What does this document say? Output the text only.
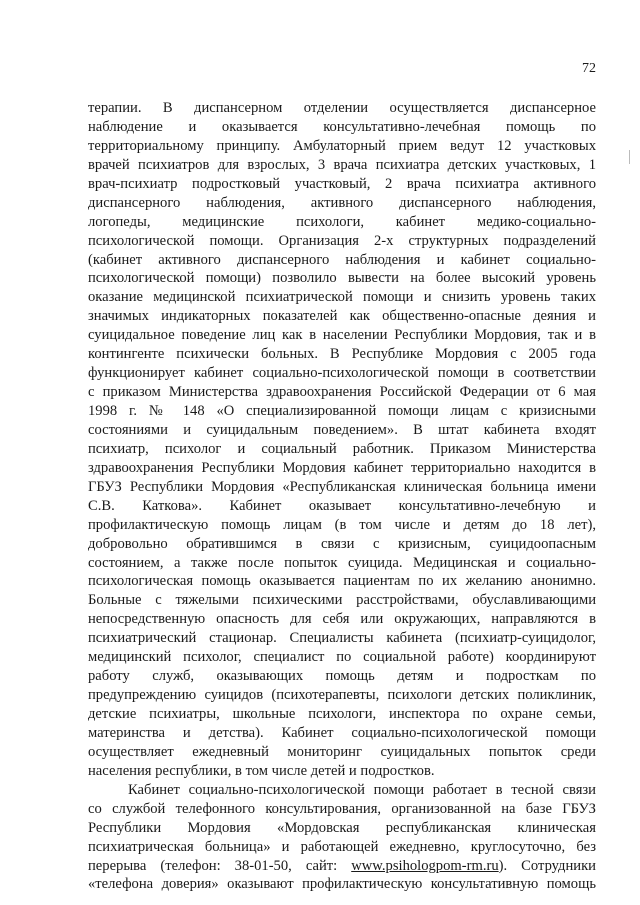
72
терапии. В диспансерном отделении осуществляется диспансерное
наблюдение и оказывается консультативно-лечебная помощь по
территориальному принципу. Амбулаторный прием ведут 12 участковых
врачей психиатров для взрослых, 3 врача психиатра детских участковых, 1
врач-психиатр подростковый участковый, 2 врача психиатра активного
диспансерного наблюдения, активного диспансерного наблюдения,
логопеды, медицинские психологи, кабинет медико-социально-
психологической помощи. Организация 2-х структурных подразделений
(кабинет активного диспансерного наблюдения и кабинет социально-
психологической помощи) позволило вывести на более высокий уровень
оказание медицинской психиатрической помощи и снизить уровень таких
значимых индикаторных показателей как общественно-опасные деяния и
суицидальное поведение лиц как в населении Республики Мордовия, так и в
контингенте психически больных. В Республике Мордовия с 2005 года
функционирует кабинет социально-психологической помощи в соответствии
с приказом Министерства здравоохранения Российской Федерации от 6 мая
1998 г. № 148 «О специализированной помощи лицам с кризисными
состояниями и суицидальным поведением». В штат кабинета входят
психиатр, психолог и социальный работник. Приказом Министерства
здравоохранения Республики Мордовия кабинет территориально находится в
ГБУЗ Республики Мордовия «Республиканская клиническая больница имени
С.В. Каткова». Кабинет оказывает консультативно-лечебную и
профилактическую помощь лицам (в том числе и детям до 18 лет),
добровольно обратившимся в связи с кризисным, суицидоопасным
состоянием, а также после попыток суицида. Медицинская и социально-
психологическая помощь оказывается пациентам по их желанию анонимно.
Больные с тяжелыми психическими расстройствами, обуславливающими
непосредственную опасность для себя или окружающих, направляются в
психиатрический стационар. Специалисты кабинета (психиатр-суицидолог,
медицинский психолог, специалист по социальной работе) координируют
работу служб, оказывающих помощь детям и подросткам по
предупреждению суицидов (психотерапевты, психологи детских поликлиник,
детские психиатры, школьные психологи, инспектора по охране семьи,
материнства и детства). Кабинет социально-психологической помощи
осуществляет ежедневный мониторинг суицидальных попыток среди
населения республики, в том числе детей и подростков.
Кабинет социально-психологической помощи работает в тесной связи
со службой телефонного консультирования, организованной на базе ГБУЗ
Республики Мордовия «Мордовская республиканская клиническая
психиатрическая больница» и работающей ежедневно, круглосуточно, без
перерыва (телефон: 38-01-50, сайт: www.psihologpom-rm.ru). Сотрудники
«телефона доверия» оказывают профилактическую консультативную помощь
